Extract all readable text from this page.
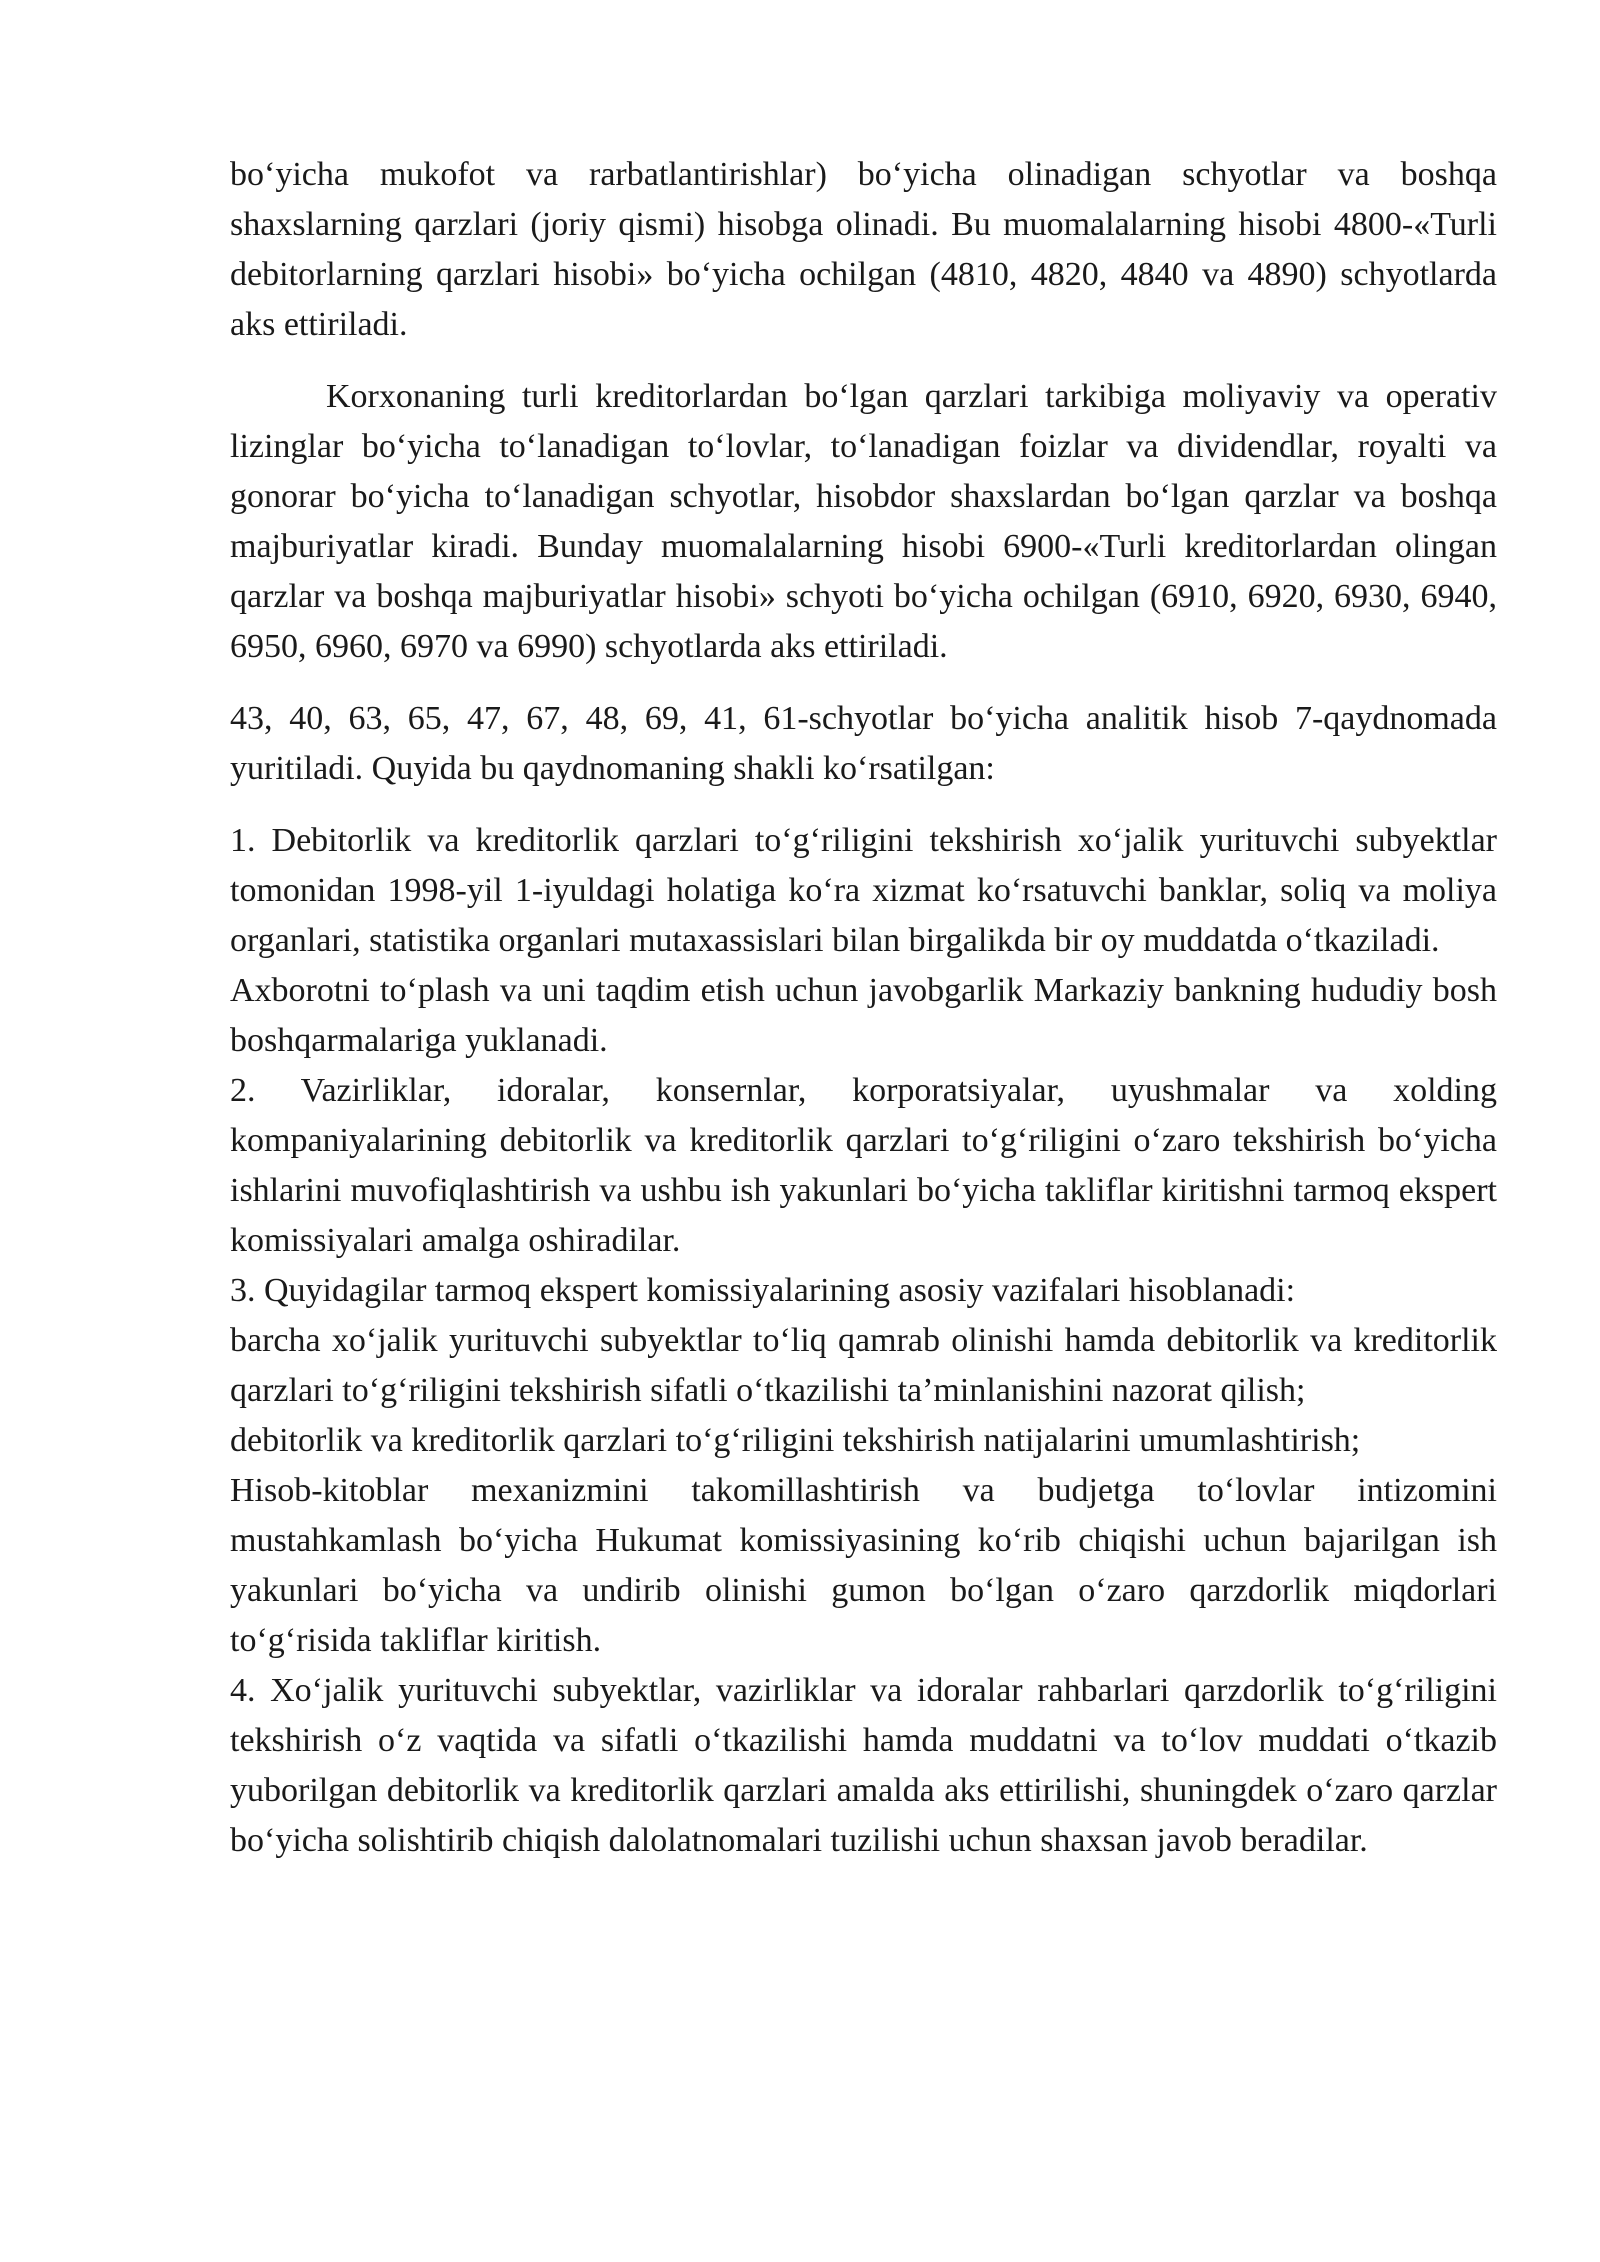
bo‘yicha mukofot va rarbatlantirishlar) bo‘yicha olinadigan schyotlar va boshqa shaxslarning qarzlari (joriy qismi) hisobga olinadi. Bu muomalalarning hisobi 4800-«Turli debitorlarning qarzlari hisobi» bo‘yicha ochilgan (4810, 4820, 4840 va 4890) schyotlarda aks ettiriladi.

Korxonaning turli kreditorlardan bo‘lgan qarzlari tarkibiga moliyaviy va operativ lizinglar bo‘yicha to‘lanadigan to‘lovlar, to‘lanadigan foizlar va dividendlar, royalti va gonorar bo‘yicha to‘lanadigan schyotlar, hisobdor shaxslardan bo‘lgan qarzlar va boshqa majburiyatlar kiradi. Bunday muomalalarning hisobi 6900-«Turli kreditorlardan olingan qarzlar va boshqa majburiyatlar hisobi» schyoti bo‘yicha ochilgan (6910, 6920, 6930, 6940, 6950, 6960, 6970 va 6990) schyotlarda aks ettiriladi.

43, 40, 63, 65, 47, 67, 48, 69, 41, 61-schyotlar bo‘yicha analitik hisob 7-qaydnomada yuritiladi. Quyida bu qaydnomaning shakli ko‘rsatilgan:

1. Debitorlik va kreditorlik qarzlari to‘g‘riligini tekshirish xo‘jalik yurituvchi subyektlar tomonidan 1998-yil 1-iyuldagi holatiga ko‘ra xizmat ko‘rsatuvchi banklar, soliq va moliya organlari, statistika organlari mutaxassislari bilan birgalikda bir oy muddatda o‘tkaziladi.

Axborotni to‘plash va uni taqdim etish uchun javobgarlik Markaziy bankning hududiy bosh boshqarmalariga yuklanadi.

2. Vazirliklar, idoralar, konsernlar, korporatsiyalar, uyushmalar va xolding kompaniyalarining debitorlik va kreditorlik qarzlari to‘g‘riligini o‘zaro tekshirish bo‘yicha ishlarini muvofiqlashtirish va ushbu ish yakunlari bo‘yicha takliflar kiritishni tarmoq ekspert komissiyalari amalga oshiradilar.

3. Quyidagilar tarmoq ekspert komissiyalarining asosiy vazifalari hisoblanadi:

barcha xo‘jalik yurituvchi subyektlar to‘liq qamrab olinishi hamda debitorlik va kreditorlik qarzlari to‘g‘riligini tekshirish sifatli o‘tkazilishi ta’minlanishini nazorat qilish;

debitorlik va kreditorlik qarzlari to‘g‘riligini tekshirish natijalarini umumlashtirish;

Hisob-kitoblar mexanizmini takomillashtirish va budjetga to‘lovlar intizomini mustahkamlash bo‘yicha Hukumat komissiyasining ko‘rib chiqishi uchun bajarilgan ish yakunlari bo‘yicha va undirib olinishi gumon bo‘lgan o‘zaro qarzdorlik miqdorlari to‘g‘risida takliflar kiritish.

4. Xo‘jalik yurituvchi subyektlar, vazirliklar va idoralar rahbarlari qarzdorlik to‘g‘riligini tekshirish o‘z vaqtida va sifatli o‘tkazilishi hamda muddatni va to‘lov muddati o‘tkazib yuborilgan debitorlik va kreditorlik qarzlari amalda aks ettirilishi, shuningdek o‘zaro qarzlar bo‘yicha solishtirib chiqish dalolatnomalari tuzilishi uchun shaxsan javob beradilar.
